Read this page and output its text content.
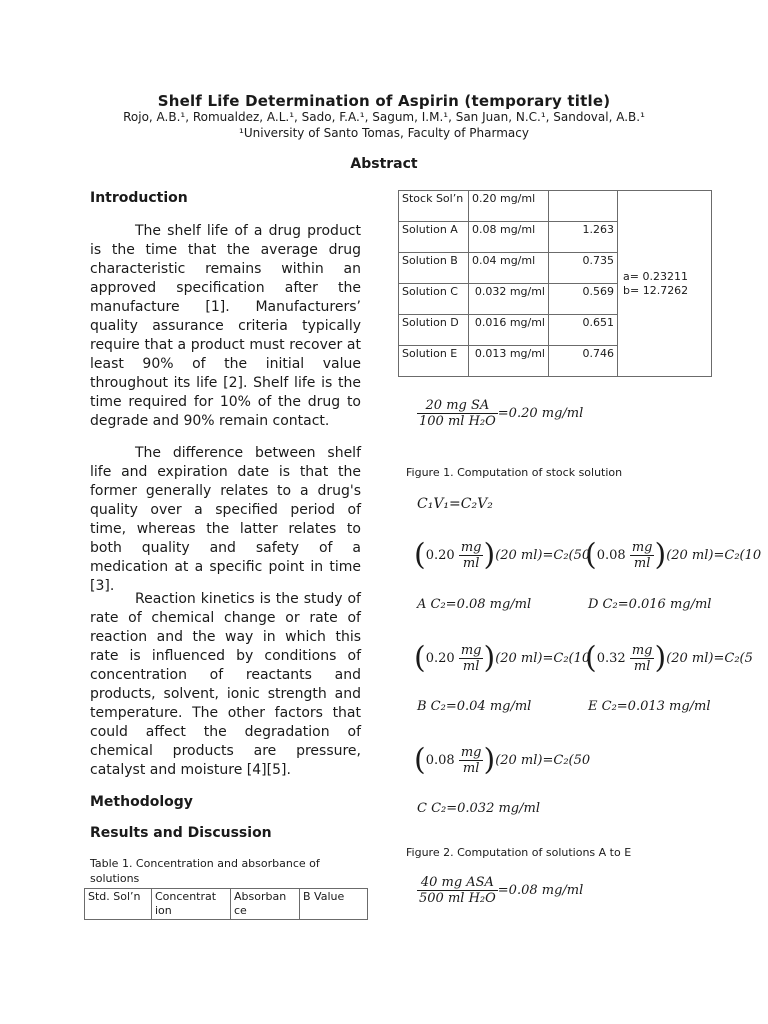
Shelf Life Determination of Aspirin (temporary title)
Rojo, A.B.¹, Romualdez, A.L.¹, Sado, F.A.¹, Sagum, I.M.¹, San Juan, N.C.¹, Sandoval, A.B.¹
¹University of Santo Tomas, Faculty of Pharmacy
Abstract
Introduction

The shelf life of a drug product is the time that the average drug characteristic remains within an approved specification after the manufacture [1]. Manufacturers’ quality assurance criteria typically require that a product must recover at least 90% of the initial value throughout its life [2]. Shelf life is the time required for 10% of the drug to degrade and 90% remain contact.

The difference between shelf life and expiration date is that the former generally relates to a drug's quality over a specified period of time, whereas the latter relates to both quality and safety of a medication at a specific point in time [3].

Reaction kinetics is the study of rate of chemical change or rate of reaction and the way in which this rate is influenced by conditions of concentration of reactants and products, solvent, ionic strength and temperature. The other factors that could affect the degradation of chemical products are pressure, catalyst and moisture [4][5].

Methodology
Results and Discussion
Table 1. Concentration and absorbance of solutions
Std. Sol’n	Concentrat ion	Absorban ce	B Value
Stock Sol’n	0.20 mg/ml		a= 0.23211 b= 12.7262
Solution A	0.08 mg/ml	1.263	
Solution B	0.04 mg/ml	0.735	
Solution C	0.032 mg/ml	0.569	
Solution D	0.016 mg/ml	0.651	
Solution E	0.013 mg/ml	0.746	
$\frac{\text{20 mg SA}}{\text{100 ml H₂O}} =0.20$ mg/ml
Figure 1. Computation of stock solution
C₁V₁=C₂V₂
$(0.20 \frac{mg}{ml} )(20$ ml)=C₂(50
A C₂=0.08 mg/ml
$(0.08 \frac{mg}{ml} )(20$ ml)=C₂(10
D C₂=0.016 mg/ml
$(0.20 \frac{mg}{ml} )(20$ ml)=C₂(10
B C₂=0.04 mg/ml
$(0.32 \frac{mg}{ml} )(20$ ml)=C₂(5
E C₂=0.013 mg/ml
$(0.08 \frac{mg}{ml} )(20$ ml)=C₂(50
C C₂=0.032 mg/ml
Figure 2. Computation of solutions A to E
$\frac{\text{40 mg ASA}}{\text{500 ml H₂O}} =0.08$ mg/ml
